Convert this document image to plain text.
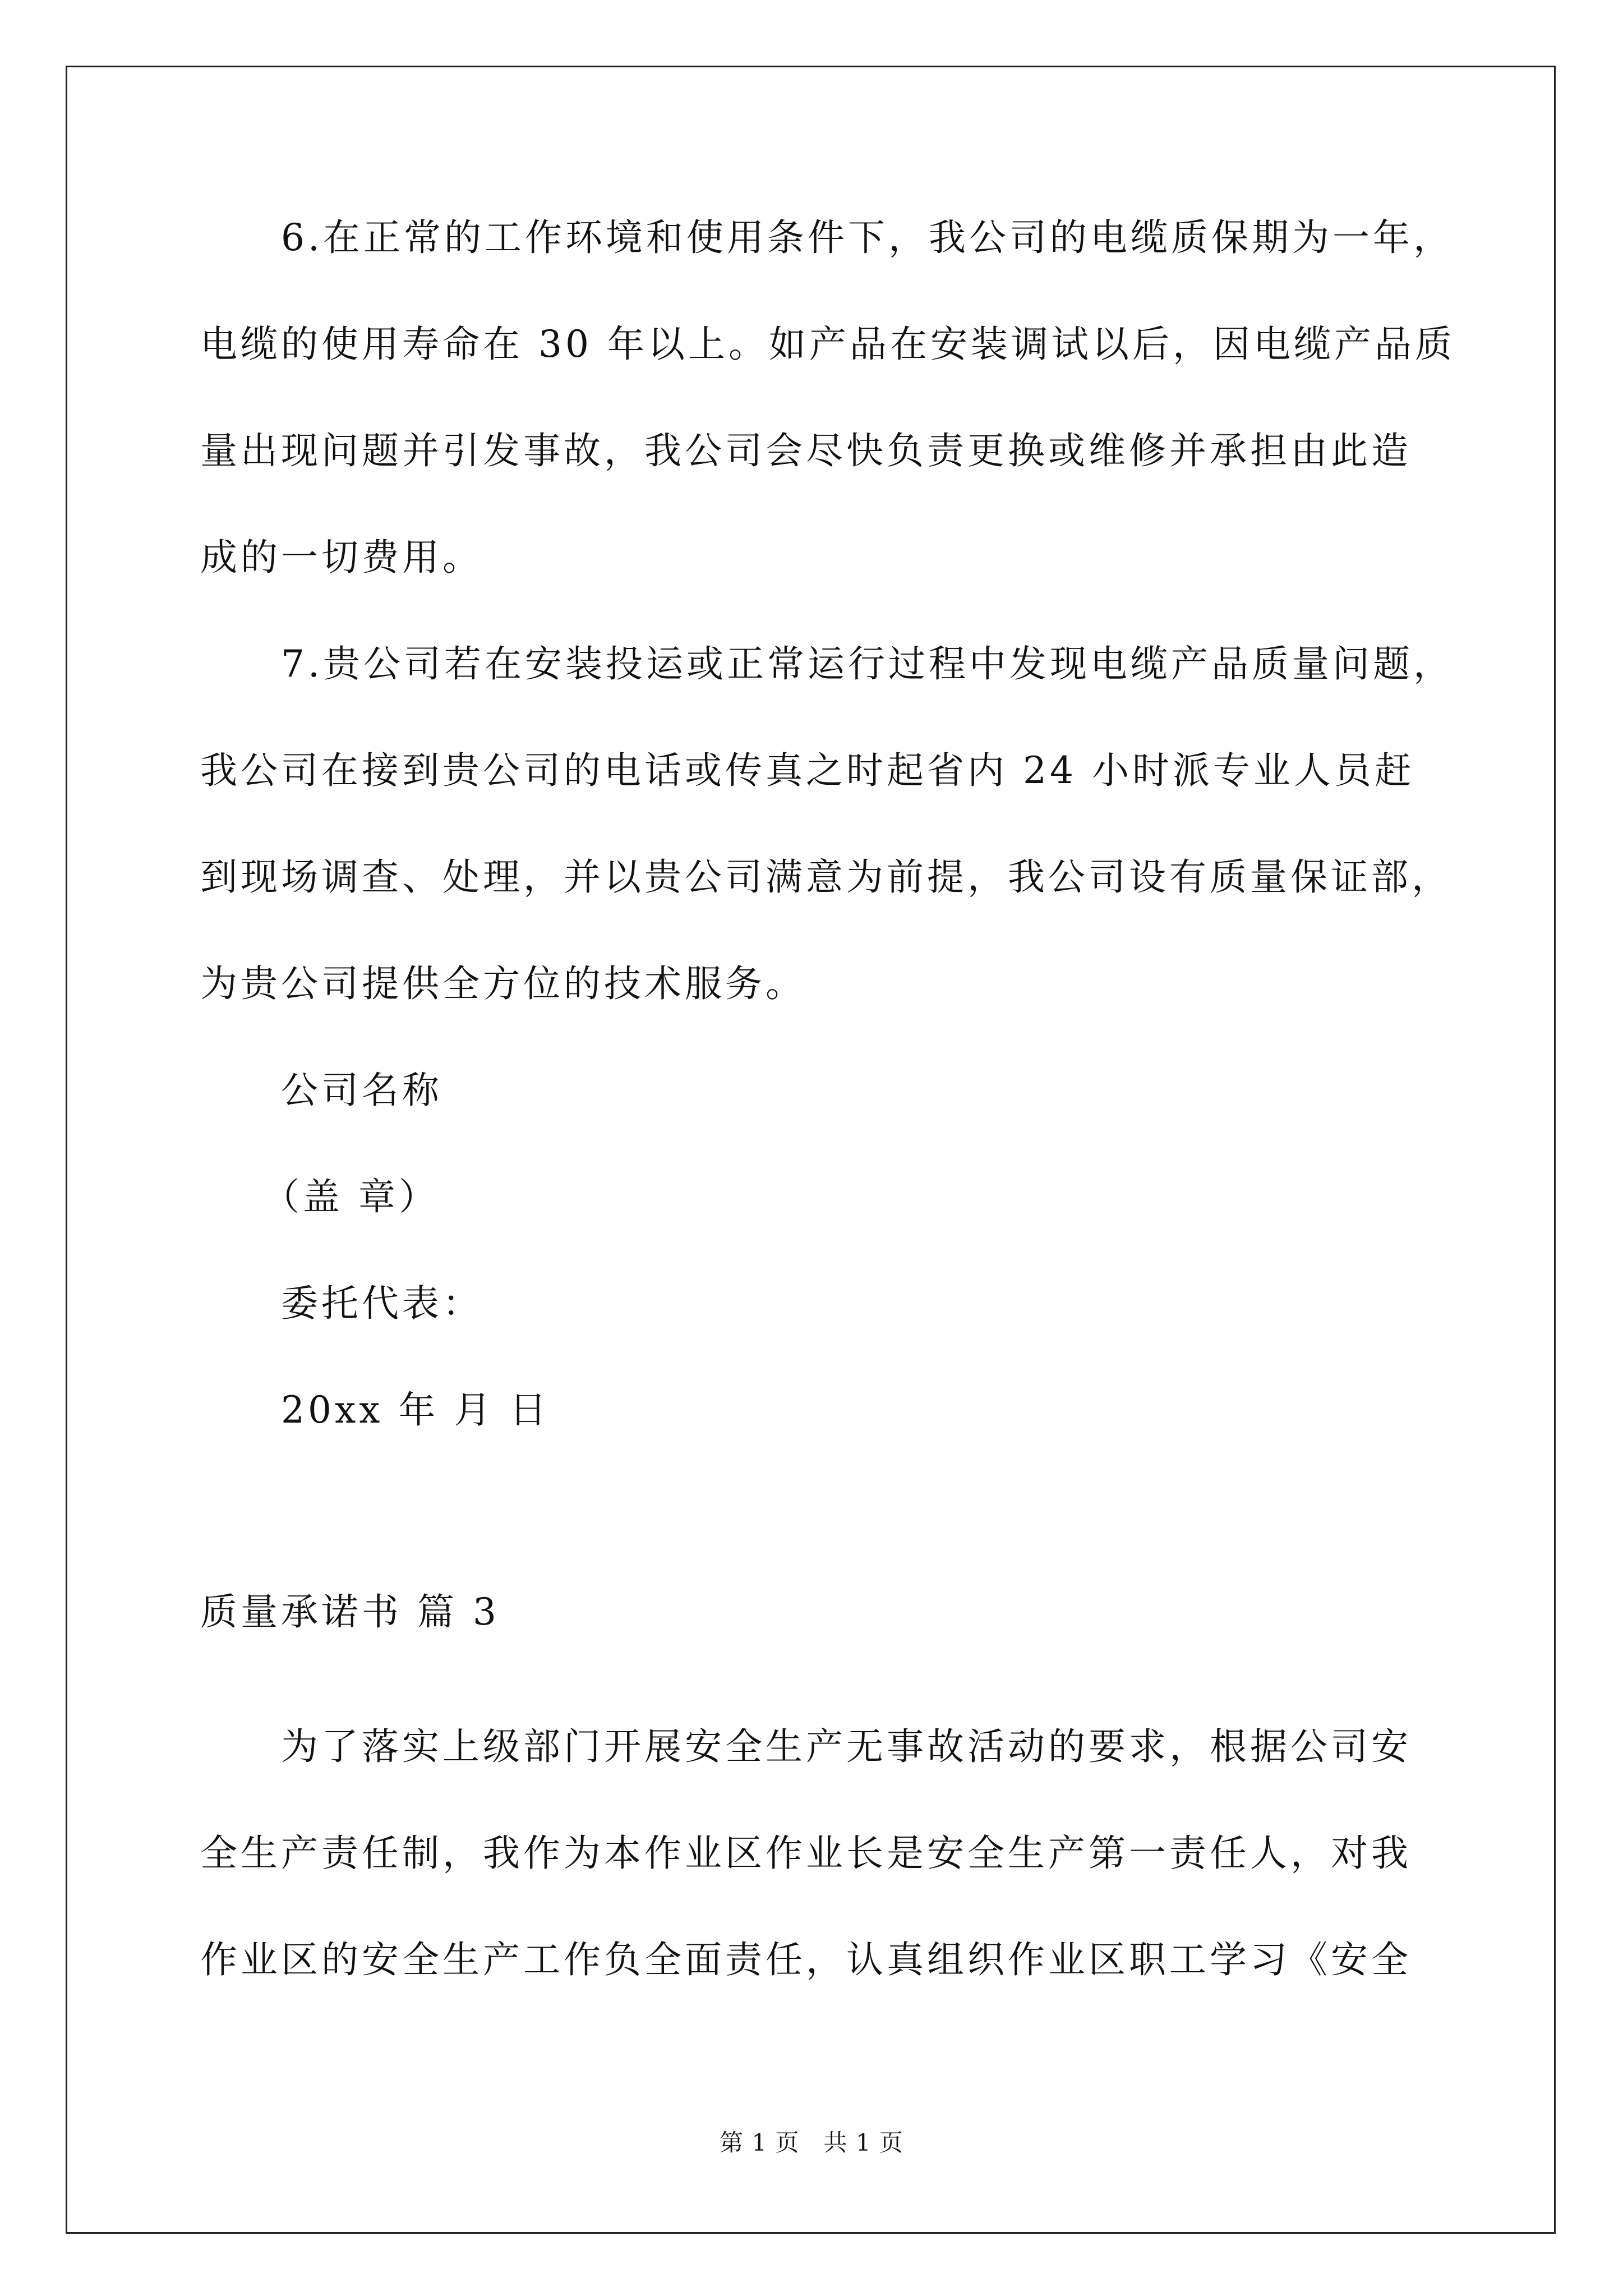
　　6.在正常的工作环境和使用条件下，我公司的电缆质保期为一年，
电缆的使用寿命在 30 年以上。如产品在安装调试以后，因电缆产品质
量出现问题并引发事故，我公司会尽快负责更换或维修并承担由此造
成的一切费用。
　　7.贵公司若在安装投运或正常运行过程中发现电缆产品质量问题，
我公司在接到贵公司的电话或传真之时起省内 24 小时派专业人员赶
到现场调查、处理，并以贵公司满意为前提，我公司设有质量保证部，
为贵公司提供全方位的技术服务。
　　公司名称
　　（盖 章）
　　委托代表：
　　20xx 年 月 日
质量承诺书 篇 3
　　为了落实上级部门开展安全生产无事故活动的要求，根据公司安
全生产责任制，我作为本作业区作业长是安全生产第一责任人，对我
作业区的安全生产工作负全面责任，认真组织作业区职工学习《安全
第 1 页　共 1 页
